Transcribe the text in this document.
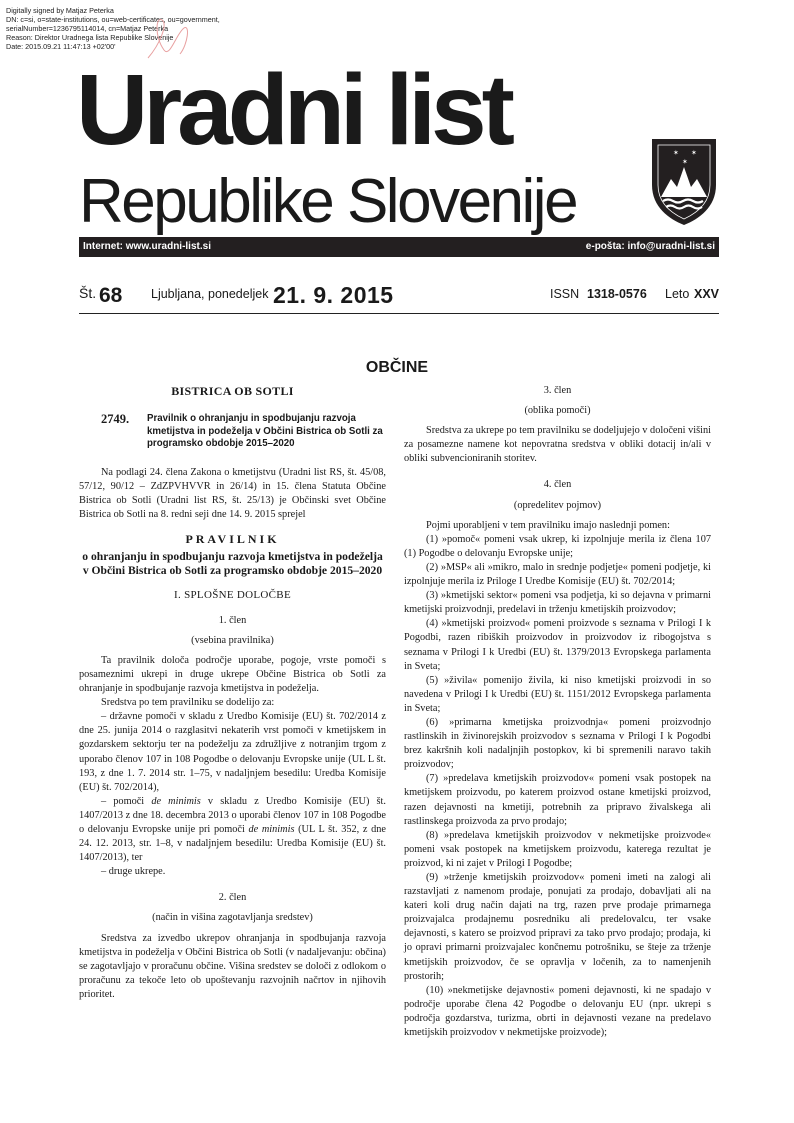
Digitally signed by Matjaz Peterka
DN: c=si, o=state-institutions, ou=web-certificates, ou=government,
serialNumber=1236795114014, cn=Matjaz Peterka
Reason: Direktor Uradnega lista Republike Slovenije
Date: 2015.09.21 11:47:13 +02'00'
Uradni list
Republike Slovenije
✶ ✶
✶
Internet: www.uradni-list.si	e-pošta: info@uradni-list.si
Št. 68 Ljubljana, ponedeljek 21. 9. 2015	ISSN 1318-0576 Leto XXV
OBČINE
BISTRICA OB SOTLI
2749. Pravilnik o ohranjanju in spodbujanju razvoja kmetijstva in podeželja v Občini Bistrica ob Sotli za programsko obdobje 2015–2020

Na podlagi 24. člena Zakona o kmetijstvu (Uradni list RS, št. 45/08, 57/12, 90/12 – ZdZPVHVVR in 26/14) in 15. člena Statuta Občine Bistrica ob Sotli (Uradni list RS, št. 25/13) je Občinski svet Občine Bistrica ob Sotli na 8. redni seji dne 14. 9. 2015 sprejel

PRAVILNIK
o ohranjanju in spodbujanju razvoja kmetijstva in podeželja v Občini Bistrica ob Sotli za programsko obdobje 2015–2020
I. SPLOŠNE DOLOČBE

1. člen

(vsebina pravilnika)

Ta pravilnik določa področje uporabe, pogoje, vrste pomoči s posameznimi ukrepi in druge ukrepe Občine Bistrica ob Sotli za ohranjanje in spodbujanje razvoja kmetijstva in podeželja.

Sredstva po tem pravilniku se dodelijo za:

– državne pomoči v skladu z Uredbo Komisije (EU) št. 702/2014 z dne 25. junija 2014 o razglasitvi nekaterih vrst pomoči v kmetijskem in gozdarskem sektorju ter na podeželju za združljive z notranjim trgom z uporabo členov 107 in 108 Pogodbe o delovanju Evropske unije (UL L št. 193, z dne 1. 7. 2014 str. 1–75, v nadaljnjem besedilu: Uredba Komisije (EU) št. 702/2014),

– pomoči de minimis v skladu z Uredbo Komisije (EU) št. 1407/2013 z dne 18. decembra 2013 o uporabi členov 107 in 108 Pogodbe o delovanju Evropske unije pri pomoči de minimis (UL L št. 352, z dne 24. 12. 2013, str. 1–8, v nadaljnjem besedilu: Uredba Komisije (EU) št. 1407/2013), ter

– druge ukrepe.

2. člen

(način in višina zagotavljanja sredstev)

Sredstva za izvedbo ukrepov ohranjanja in spodbujanja razvoja kmetijstva in podeželja v Občini Bistrica ob Sotli (v nadaljevanju: občina) se zagotavljajo v proračunu občine. Višina sredstev se določi z odlokom o proračunu za tekoče leto ob upoštevanju razvojnih načrtov in njihovih prioritet.

3. člen

(oblika pomoči)

Sredstva za ukrepe po tem pravilniku se dodeljujejo v določeni višini za posamezne namene kot nepovratna sredstva v obliki dotacij in/ali v obliki subvencioniranih storitev.

4. člen

(opredelitev pojmov)

Pojmi uporabljeni v tem pravilniku imajo naslednji pomen:

(1) »pomoč« pomeni vsak ukrep, ki izpolnjuje merila iz člena 107 (1) Pogodbe o delovanju Evropske unije;

(2) »MSP« ali »mikro, malo in srednje podjetje« pomeni podjetje, ki izpolnjuje merila iz Priloge I Uredbe Komisije (EU) št. 702/2014;

(3) »kmetijski sektor« pomeni vsa podjetja, ki so dejavna v primarni kmetijski proizvodnji, predelavi in trženju kmetijskih proizvodov;

(4) »kmetijski proizvod« pomeni proizvode s seznama v Prilogi I k Pogodbi, razen ribiških proizvodov in proizvodov iz ribogojstva s seznama v Prilogi I k Uredbi (EU) št. 1379/2013 Evropskega parlamenta in Sveta;

(5) »živila« pomenijo živila, ki niso kmetijski proizvodi in so navedena v Prilogi I k Uredbi (EU) št. 1151/2012 Evropskega parlamenta in Sveta;

(6) »primarna kmetijska proizvodnja« pomeni proizvodnjo rastlinskih in živinorejskih proizvodov s seznama v Prilogi I k Pogodbi brez kakršnih koli nadaljnjih postopkov, ki bi spremenili naravo takih proizvodov;

(7) »predelava kmetijskih proizvodov« pomeni vsak postopek na kmetijskem proizvodu, po katerem proizvod ostane kmetijski proizvod, razen dejavnosti na kmetiji, potrebnih za pripravo živalskega ali rastlinskega proizvoda za prvo prodajo;

(8) »predelava kmetijskih proizvodov v nekmetijske proizvode« pomeni vsak postopek na kmetijskem proizvodu, katerega rezultat je proizvod, ki ni zajet v Prilogi I Pogodbe;

(9) »trženje kmetijskih proizvodov« pomeni imeti na zalogi ali razstavljati z namenom prodaje, ponujati za prodajo, dobavljati ali na kateri koli drug način dajati na trg, razen prve prodaje primarnega proizvajalca prodajnemu posredniku ali predelovalcu, ter vsake dejavnosti, s katero se proizvod pripravi za tako prvo prodajo; prodaja, ki jo opravi primarni proizvajalec končnemu potrošniku, se šteje za trženje kmetijskih proizvodov, če se opravlja v ločenih, za to namenjenih prostorih;

(10) »nekmetijske dejavnosti« pomeni dejavnosti, ki ne spadajo v področje uporabe člena 42 Pogodbe o delovanju EU (npr. ukrepi s področja gozdarstva, turizma, obrti in dejavnosti vezane na predelavo kmetijskih proizvodov v nekmetijske proizvode);
